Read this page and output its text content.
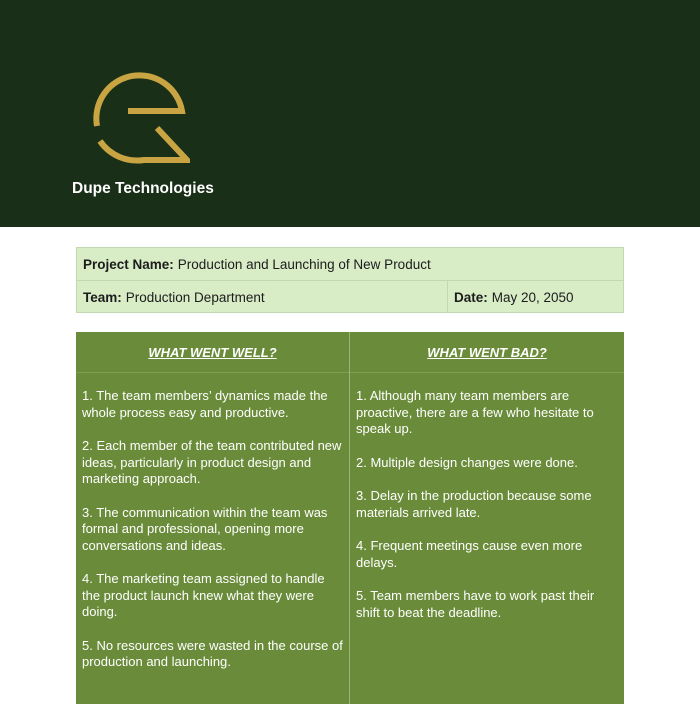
Dupe Technologies
Project Name: Production and Launching of New Product
Team: Production Department	Date: May 20, 2050
WHAT WENT WELL?

1. The team members’ dynamics made the whole process easy and productive.

2. Each member of the team contributed new ideas, particularly in product design and marketing approach.

3. The communication within the team was formal and professional, opening more conversations and ideas.

4. The marketing team assigned to handle the product launch knew what they were doing.

5. No resources were wasted in the course of production and launching.

WHAT WENT BAD?

1. Although many team members are proactive, there are a few who hesitate to speak up.

2. Multiple design changes were done.

3. Delay in the production because some materials arrived late.

4. Frequent meetings cause even more delays.

5. Team members have to work past their shift to beat the deadline.
